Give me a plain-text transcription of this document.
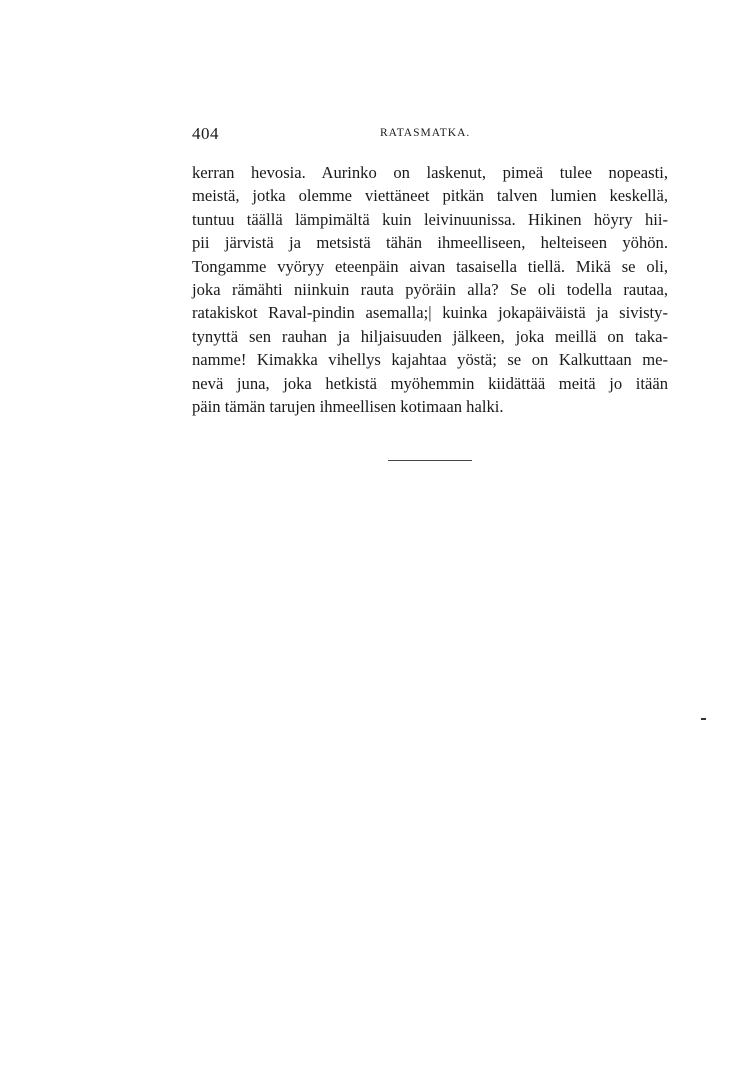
404	RATASMATKA.
kerran hevosia. Aurinko on laskenut, pimeä tulee nopeasti,
meistä, jotka olemme viettäneet pitkän talven lumien keskellä,
tuntuu täällä lämpimältä kuin leivinuunissa. Hikinen höyry hii-
pii järvistä ja metsistä tähän ihmeelliseen, helteiseen yöhön.
Tongamme vyöryy eteenpäin aivan tasaisella tiellä. Mikä se oli,
joka rämähti niinkuin rauta pyöräin alla? Se oli todella rautaa,
ratakiskot Raval-pindin asemalla;| kuinka jokapäiväistä ja sivisty-
tynyttä sen rauhan ja hiljaisuuden jälkeen, joka meillä on taka-
namme! Kimakka vihellys kajahtaa yöstä; se on Kalkuttaan me-
nevä juna, joka hetkistä myöhemmin kiidättää meitä jo itään
päin tämän tarujen ihmeellisen kotimaan halki.
